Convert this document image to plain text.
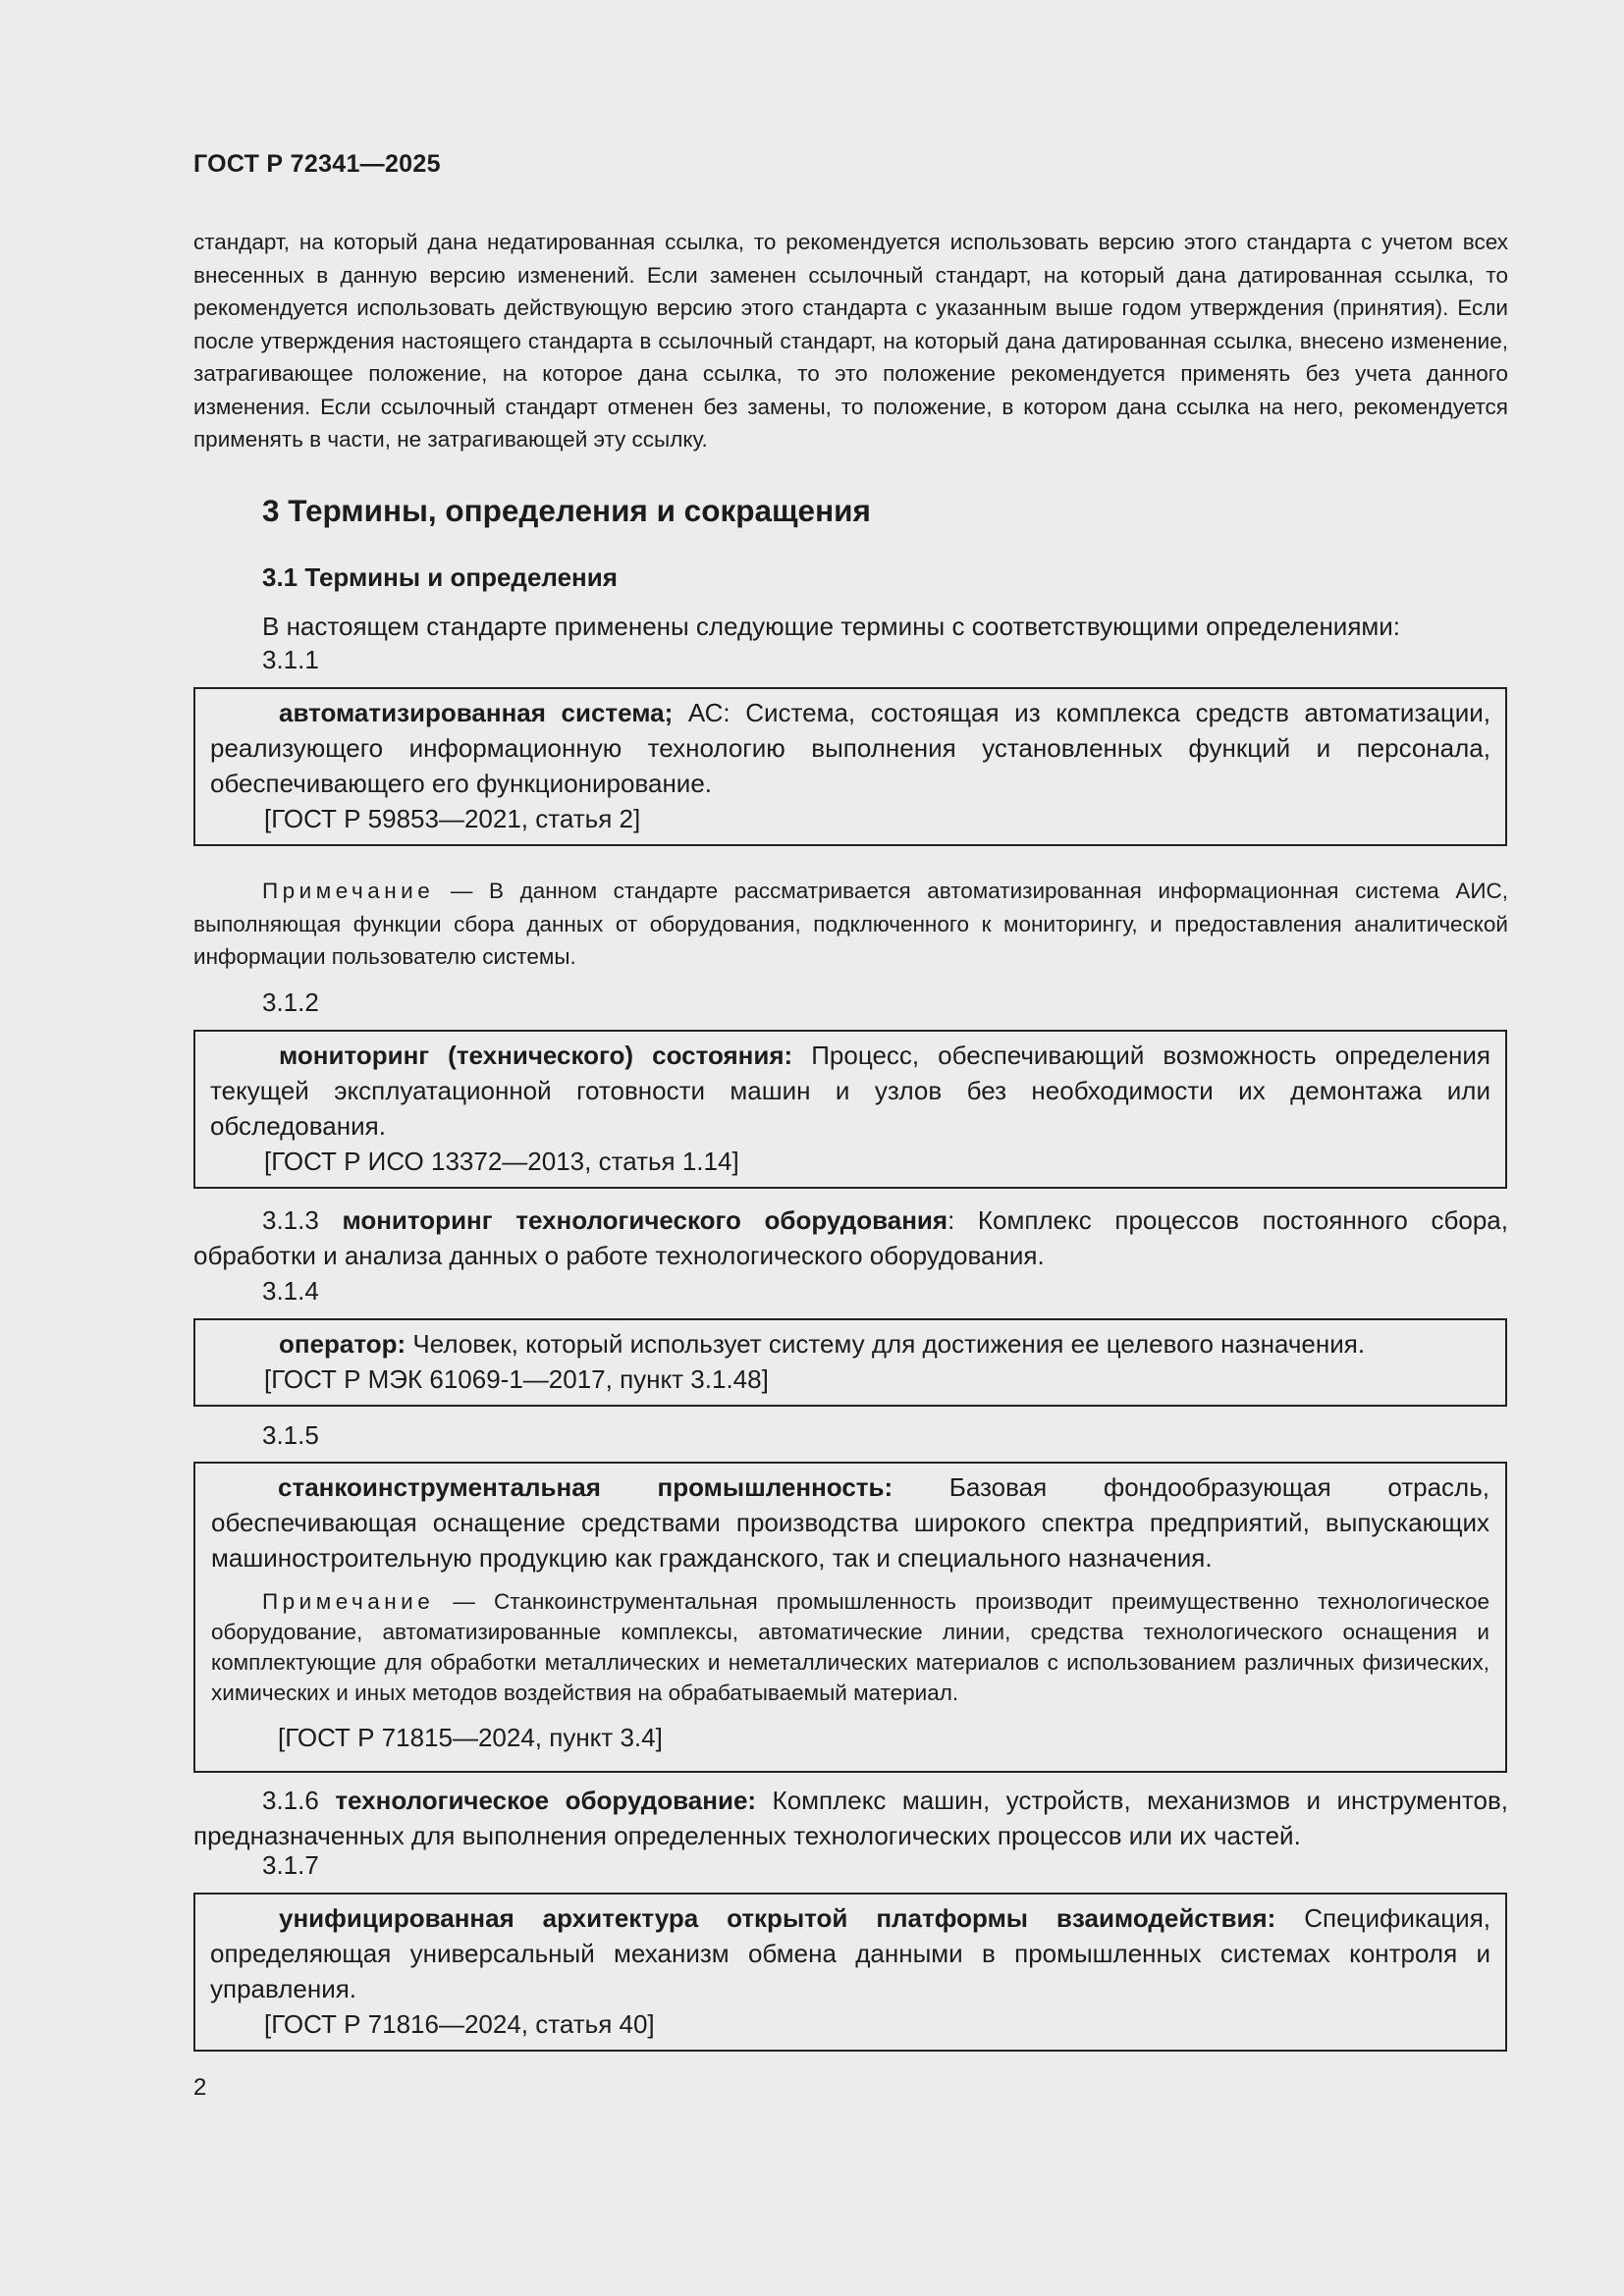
ГОСТ Р 72341—2025

стандарт, на который дана недатированная ссылка, то рекомендуется использовать версию этого стандарта с учетом всех внесенных в данную версию изменений. Если заменен ссылочный стандарт, на который дана датированная ссылка, то рекомендуется использовать действующую версию этого стандарта с указанным выше годом утверждения (принятия). Если после утверждения настоящего стандарта в ссылочный стандарт, на который дана датированная ссылка, внесено изменение, затрагивающее положение, на которое дана ссылка, то это положение рекомендуется применять без учета данного изменения. Если ссылочный стандарт отменен без замены, то положение, в котором дана ссылка на него, рекомендуется применять в части, не затрагивающей эту ссылку.

3 Термины, определения и сокращения
3.1 Термины и определения

В настоящем стандарте применены следующие термины с соответствующими определениями:

3.1.1

автоматизированная система; АС: Система, состоящая из комплекса средств автоматизации, реализующего информационную технологию выполнения установленных функций и персонала, обеспечивающего его функционирование.

[ГОСТ Р 59853—2021, статья 2]

Примечание — В данном стандарте рассматривается автоматизированная информационная система АИС, выполняющая функции сбора данных от оборудования, подключенного к мониторингу, и предоставления аналитической информации пользователю системы.

3.1.2

мониторинг (технического) состояния: Процесс, обеспечивающий возможность определения текущей эксплуатационной готовности машин и узлов без необходимости их демонтажа или обследования.

[ГОСТ Р ИСО 13372—2013, статья 1.14]

3.1.3 мониторинг технологического оборудования: Комплекс процессов постоянного сбора, обработки и анализа данных о работе технологического оборудования.

3.1.4

оператор: Человек, который использует систему для достижения ее целевого назначения.

[ГОСТ Р МЭК 61069-1—2017, пункт 3.1.48]

3.1.5

станкоинструментальная промышленность: Базовая фондообразующая отрасль, обеспечивающая оснащение средствами производства широкого спектра предприятий, выпускающих машиностроительную продукцию как гражданского, так и специального назначения.

Примечание — Станкоинструментальная промышленность производит преимущественно технологическое оборудование, автоматизированные комплексы, автоматические линии, средства технологического оснащения и комплектующие для обработки металлических и неметаллических материалов с использованием различных физических, химических и иных методов воздействия на обрабатываемый материал.

[ГОСТ Р 71815—2024, пункт 3.4]

3.1.6 технологическое оборудование: Комплекс машин, устройств, механизмов и инструментов, предназначенных для выполнения определенных технологических процессов или их частей.

3.1.7

унифицированная архитектура открытой платформы взаимодействия: Спецификация, определяющая универсальный механизм обмена данными в промышленных системах контроля и управления.

[ГОСТ Р 71816—2024, статья 40]

2
